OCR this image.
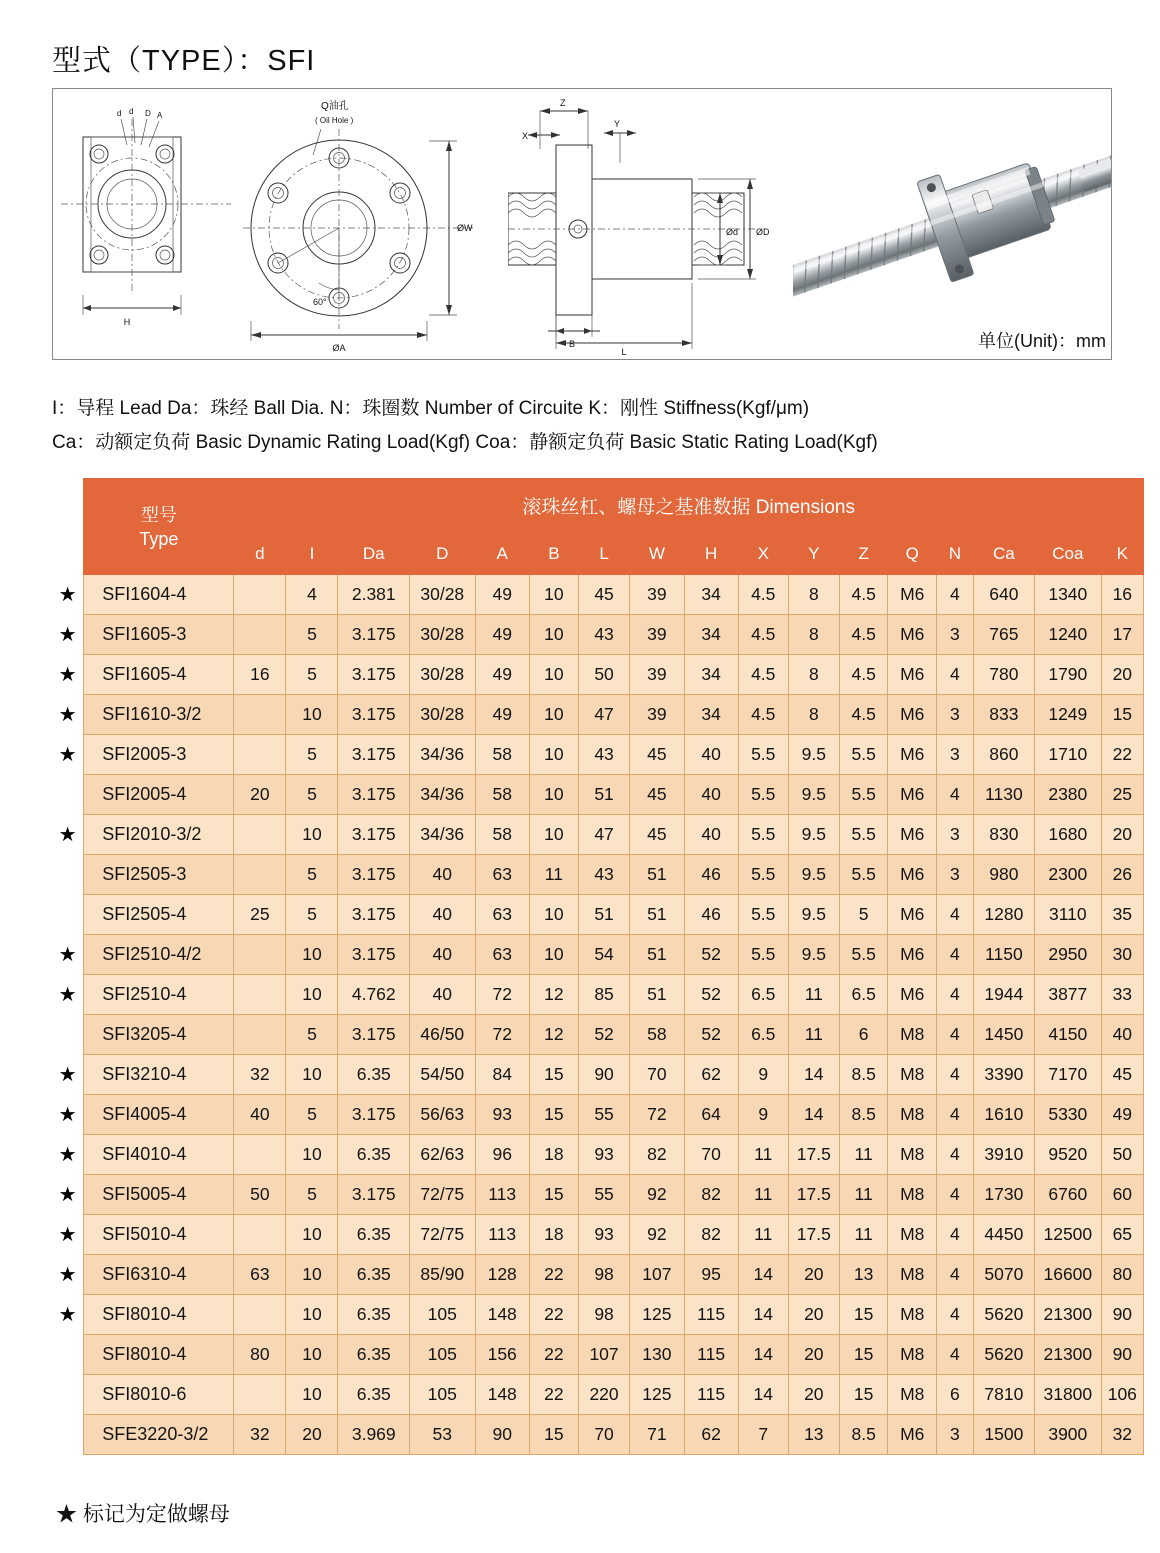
型式（TYPE）：SFI
d d D A
H
Q油孔
( Oil Hole )
60°
ØW
ØA
Z
X
Y
Ød ØD
B
L
单位(Unit)：mm
I：导程 Lead Da：珠经 Ball Dia. N：珠圈数 Number of Circuite K：刚性 Stiffness(Kgf/μm)
Ca：动额定负荷 Basic Dynamic Rating Load(Kgf) Coa：静额定负荷 Basic Static Rating Load(Kgf)

	型号
Type	滚珠丝杠、螺母之基准数据 Dimensions																
		d	I	Da	D	A	B	L	W	H	X	Y	Z	Q	N	Ca	Coa	K
★	SFI1604-4		4	2.381	30/28	49	10	45	39	34	4.5	8	4.5	M6	4	640	1340	16
★	SFI1605-3		5	3.175	30/28	49	10	43	39	34	4.5	8	4.5	M6	3	765	1240	17
★	SFI1605-4	16	5	3.175	30/28	49	10	50	39	34	4.5	8	4.5	M6	4	780	1790	20
★	SFI1610-3/2		10	3.175	30/28	49	10	47	39	34	4.5	8	4.5	M6	3	833	1249	15
★	SFI2005-3		5	3.175	34/36	58	10	43	45	40	5.5	9.5	5.5	M6	3	860	1710	22
	SFI2005-4	20	5	3.175	34/36	58	10	51	45	40	5.5	9.5	5.5	M6	4	1130	2380	25
★	SFI2010-3/2		10	3.175	34/36	58	10	47	45	40	5.5	9.5	5.5	M6	3	830	1680	20
	SFI2505-3		5	3.175	40	63	11	43	51	46	5.5	9.5	5.5	M6	3	980	2300	26
	SFI2505-4	25	5	3.175	40	63	10	51	51	46	5.5	9.5	5	M6	4	1280	3110	35
★	SFI2510-4/2		10	3.175	40	63	10	54	51	52	5.5	9.5	5.5	M6	4	1150	2950	30
★	SFI2510-4		10	4.762	40	72	12	85	51	52	6.5	11	6.5	M6	4	1944	3877	33
	SFI3205-4		5	3.175	46/50	72	12	52	58	52	6.5	11	6	M8	4	1450	4150	40
★	SFI3210-4	32	10	6.35	54/50	84	15	90	70	62	9	14	8.5	M8	4	3390	7170	45
★	SFI4005-4	40	5	3.175	56/63	93	15	55	72	64	9	14	8.5	M8	4	1610	5330	49
★	SFI4010-4		10	6.35	62/63	96	18	93	82	70	11	17.5	11	M8	4	3910	9520	50
★	SFI5005-4	50	5	3.175	72/75	113	15	55	92	82	11	17.5	11	M8	4	1730	6760	60
★	SFI5010-4		10	6.35	72/75	113	18	93	92	82	11	17.5	11	M8	4	4450	12500	65
★	SFI6310-4	63	10	6.35	85/90	128	22	98	107	95	14	20	13	M8	4	5070	16600	80
★	SFI8010-4		10	6.35	105	148	22	98	125	115	14	20	15	M8	4	5620	21300	90
	SFI8010-4	80	10	6.35	105	156	22	107	130	115	14	20	15	M8	4	5620	21300	90
	SFI8010-6		10	6.35	105	148	22	220	125	115	14	20	15	M8	6	7810	31800	106
	SFE3220-3/2	32	20	3.969	53	90	15	70	71	62	7	13	8.5	M6	3	1500	3900	32
★ 标记为定做螺母
